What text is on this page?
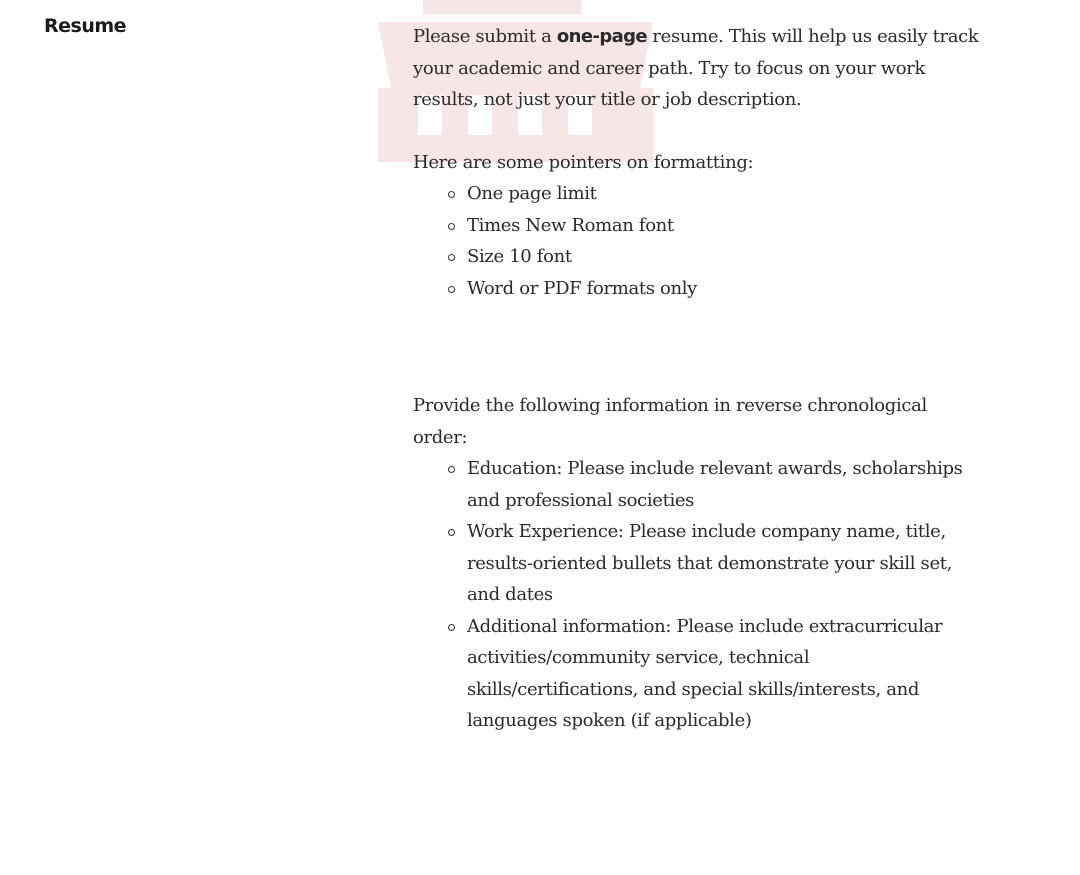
Resume	Please submit a one-page resume. This will help us easily track your academic and career path. Try to focus on your work results, not just your title or job description.

Here are some pointers on formatting:

One page limit
Times New Roman font
Size 10 font
Word or PDF formats only

Provide the following information in reverse chronological order:

Education: Please include relevant awards, scholarships and professional societies
Work Experience: Please include company name, title, results-oriented bullets that demonstrate your skill set, and dates
Additional information: Please include extracurricular activities/community service, technical skills/certifications, and special skills/interests, and languages spoken (if applicable)
